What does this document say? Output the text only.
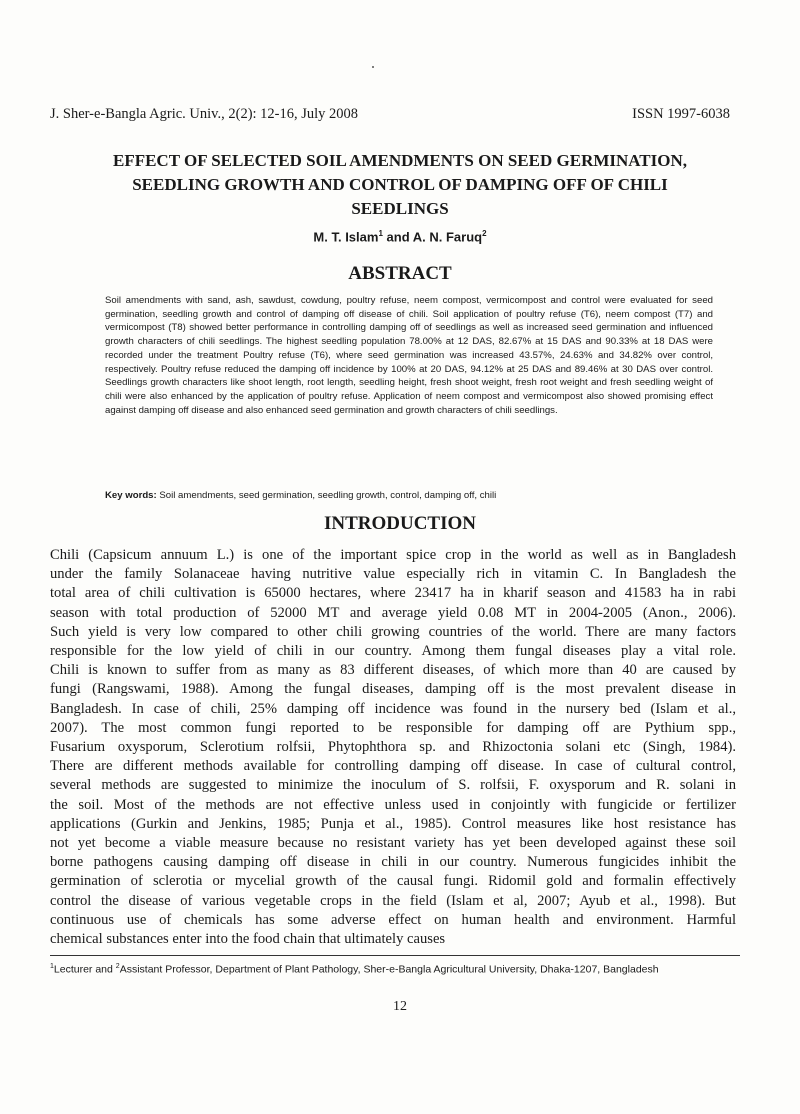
J. Sher-e-Bangla Agric. Univ., 2(2): 12-16, July 2008	ISSN 1997-6038
EFFECT OF SELECTED SOIL AMENDMENTS ON SEED GERMINATION,
SEEDLING GROWTH AND CONTROL OF DAMPING OFF OF CHILI
SEEDLINGS
M. T. Islam$^1$ and A. N. Faruq$^2$
ABSTRACT

Soil amendments with sand, ash, sawdust, cowdung, poultry refuse, neem compost, vermicompost and control were evaluated for seed germination, seedling growth and control of damping off disease of chili. Soil application of poultry refuse (T6), neem compost (T7) and vermicompost (T8) showed better performance in controlling damping off of seedlings as well as increased seed germination and influenced growth characters of chili seedlings. The highest seedling population 78.00% at 12 DAS, 82.67% at 15 DAS and 90.33% at 18 DAS were recorded under the treatment Poultry refuse (T6), where seed germination was increased 43.57%, 24.63% and 34.82% over control, respectively. Poultry refuse reduced the damping off incidence by 100% at 20 DAS, 94.12% at 25 DAS and 89.46% at 30 DAS over control. Seedlings growth characters like shoot length, root length, seedling height, fresh shoot weight, fresh root weight and fresh seedling weight of chili were also enhanced by the application of poultry refuse. Application of neem compost and vermicompost also showed promising effect against damping off disease and also enhanced seed germination and growth characters of chili seedlings.

Key words: Soil amendments, seed germination, seedling growth, control, damping off, chili
INTRODUCTION
Chili (Capsicum annuum L.) is one of the important spice crop in the world as well as in Bangladesh
under the family Solanaceae having nutritive value especially rich in vitamin C. In Bangladesh the
total area of chili cultivation is 65000 hectares, where 23417 ha in kharif season and 41583 ha in rabi
season with total production of 52000 MT and average yield 0.08 MT in 2004-2005 (Anon., 2006).
Such yield is very low compared to other chili growing countries of the world. There are many factors
responsible for the low yield of chili in our country. Among them fungal diseases play a vital role.
Chili is known to suffer from as many as 83 different diseases, of which more than 40 are caused by
fungi (Rangswami, 1988). Among the fungal diseases, damping off is the most prevalent disease in
Bangladesh. In case of chili, 25% damping off incidence was found in the nursery bed (Islam et al.,
2007). The most common fungi reported to be responsible for damping off are Pythium spp.,
Fusarium oxysporum, Sclerotium rolfsii, Phytophthora sp. and Rhizoctonia solani etc (Singh, 1984).
There are different methods available for controlling damping off disease. In case of cultural control,
several methods are suggested to minimize the inoculum of S. rolfsii, F. oxysporum and R. solani in
the soil. Most of the methods are not effective unless used in conjointly with fungicide or fertilizer
applications (Gurkin and Jenkins, 1985; Punja et al., 1985). Control measures like host resistance has
not yet become a viable measure because no resistant variety has yet been developed against these soil
borne pathogens causing damping off disease in chili in our country. Numerous fungicides inhibit the
germination of sclerotia or mycelial growth of the causal fungi. Ridomil gold and formalin effectively
control the disease of various vegetable crops in the field (Islam et al, 2007; Ayub et al., 1998). But
continuous use of chemicals has some adverse effect on human health and environment. Harmful
chemical substances enter into the food chain that ultimately causes
$^1$Lecturer and $^2$Assistant Professor, Department of Plant Pathology, Sher-e-Bangla Agricultural University, Dhaka-1207, Bangladesh
12
